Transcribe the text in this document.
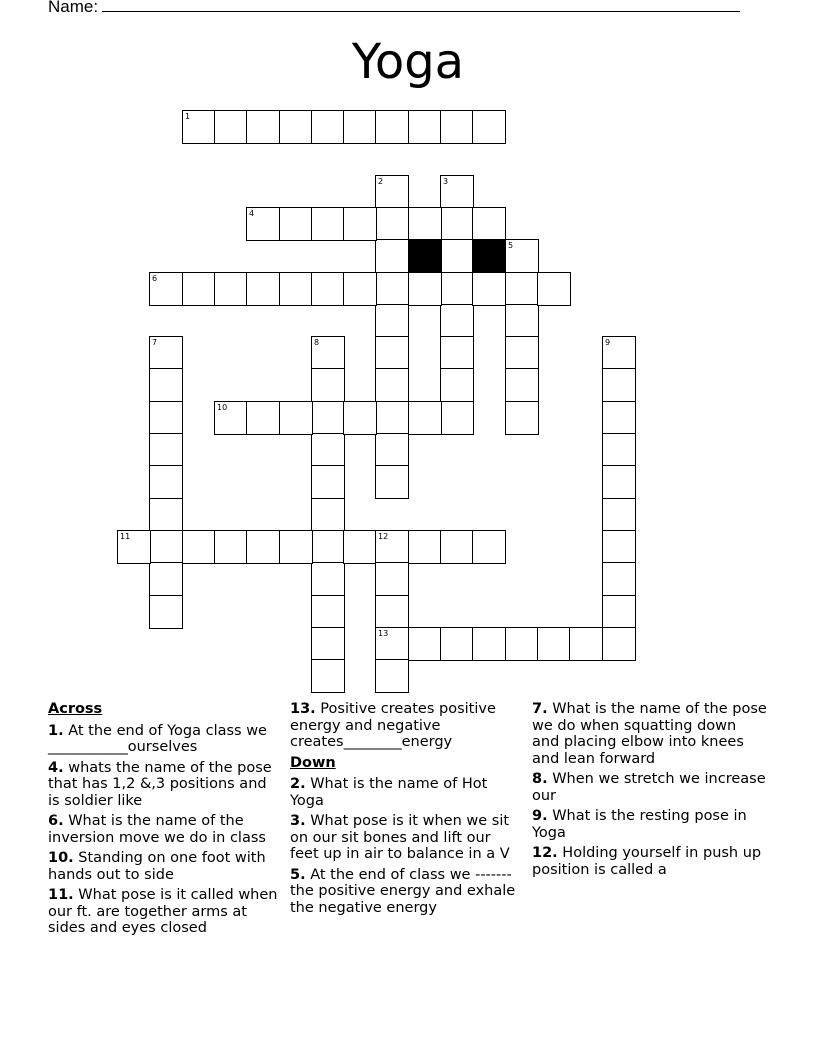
Name:
Yoga
1
2	3
4
5
6
7	8	9
10
11	12
13
Across
1. At the end of Yoga class we ___________ourselves
4. whats the name of the pose that has 1,2 &,3 positions and is soldier like
6. What is the name of the inversion move we do in class
10. Standing on one foot with hands out to side
11. What pose is it called when our ft. are together arms at sides and eyes closed
13. Positive creates positive energy and negative creates________energy
Down
2. What is the name of Hot Yoga
3. What pose is it when we sit on our sit bones and lift our feet up in air to balance in a V
5. At the end of class we ------- the positive energy and exhale the negative energy
7. What is the name of the pose we do when squatting down and placing elbow into knees and lean forward
8. When we stretch we increase our
9. What is the resting pose in Yoga
12. Holding yourself in push up position is called a
